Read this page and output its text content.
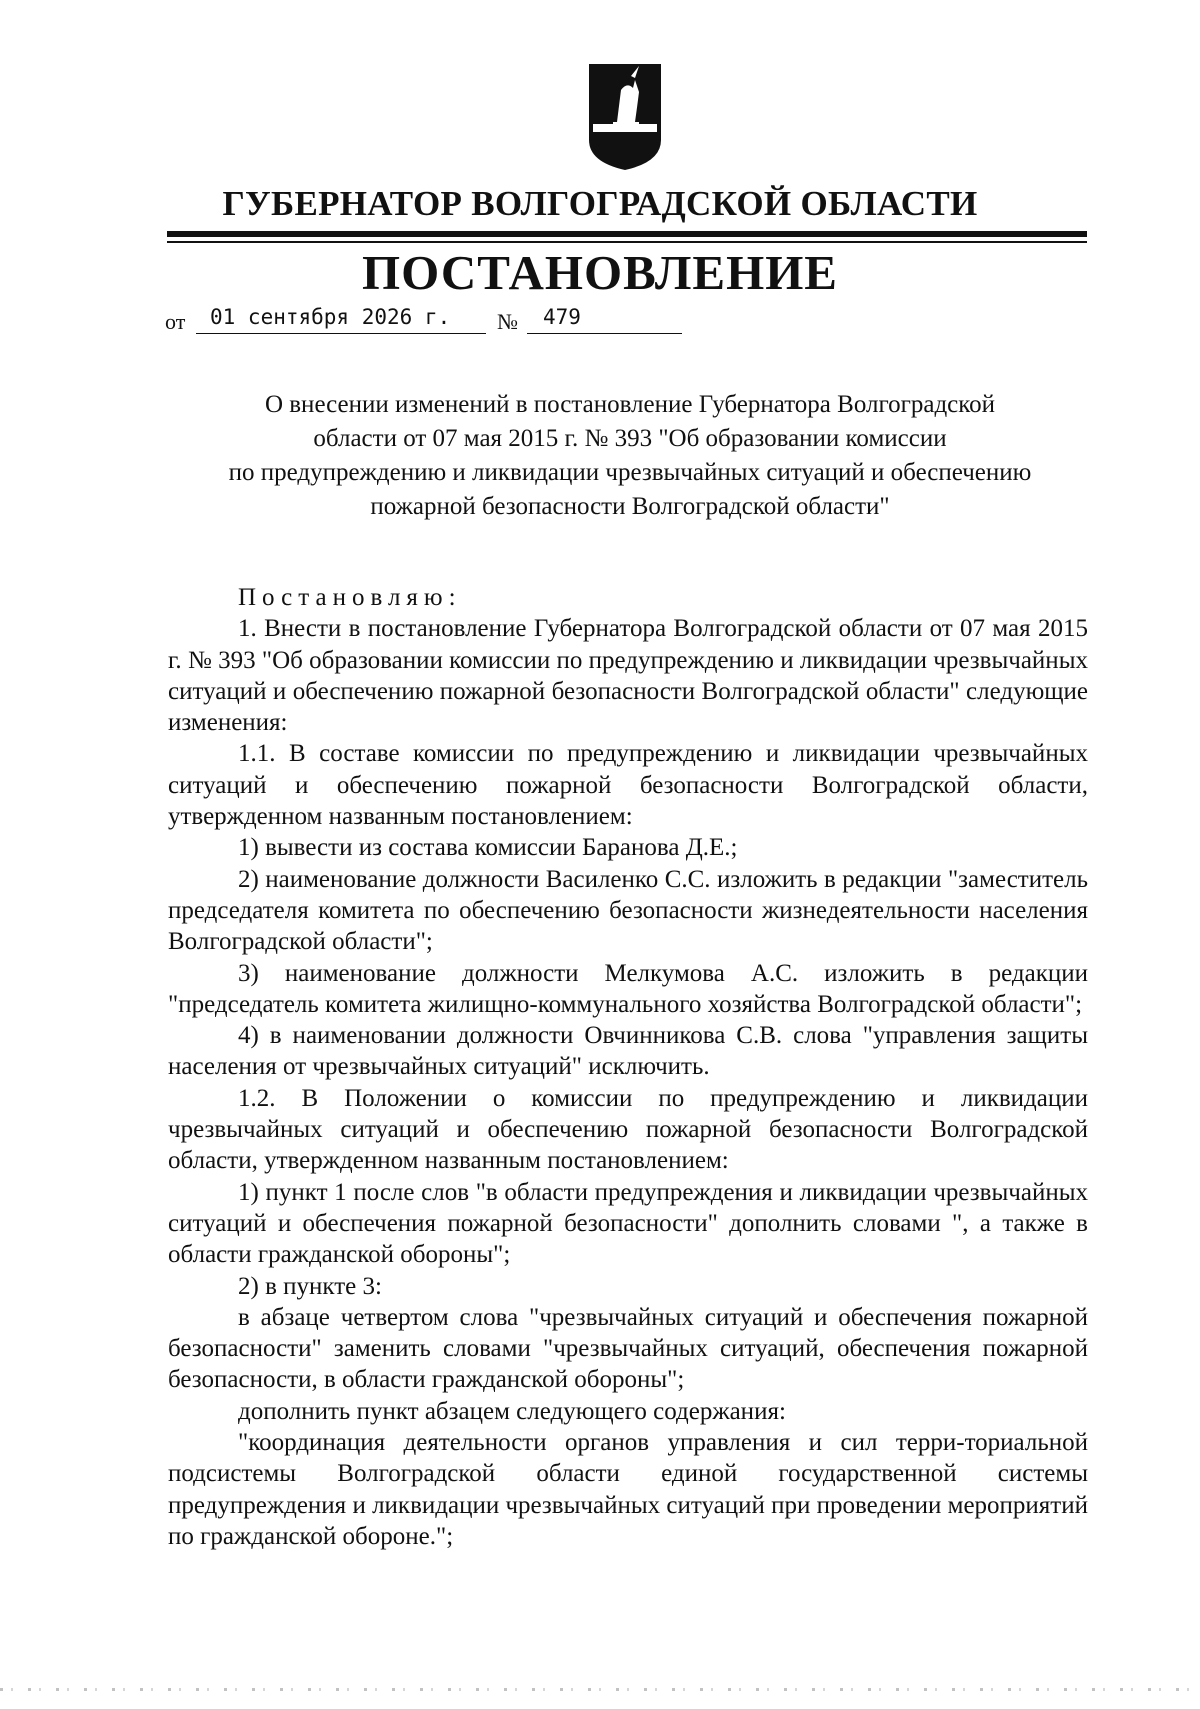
ГУБЕРНАТОР ВОЛГОГРАДСКОЙ ОБЛАСТИ
ПОСТАНОВЛЕНИЕ
от 01 сентября 2026 г. № 479
О внесении изменений в постановление Губернатора Волгоградской
области от 07 мая 2015 г. № 393 "Об образовании комиссии
по предупреждению и ликвидации чрезвычайных ситуаций и обеспечению
пожарной безопасности Волгоградской области"

Постановляю:

1. Внести в постановление Губернатора Волгоградской области от 07 мая 2015 г. № 393 "Об образовании комиссии по предупреждению и ликвидации чрезвычайных ситуаций и обеспечению пожарной безопасности Волгоградской области" следующие изменения:

1.1. В составе комиссии по предупреждению и ликвидации чрезвычайных ситуаций и обеспечению пожарной безопасности Волгоградской области, утвержденном названным постановлением:

1) вывести из состава комиссии Баранова Д.Е.;

2) наименование должности Василенко С.С. изложить в редакции "заместитель председателя комитета по обеспечению безопасности жизнедеятельности населения Волгоградской области";

3) наименование должности Мелкумова А.С. изложить в редакции "председатель комитета жилищно-коммунального хозяйства Волгоградской области";

4) в наименовании должности Овчинникова С.В. слова "управления защиты населения от чрезвычайных ситуаций" исключить.

1.2. В Положении о комиссии по предупреждению и ликвидации чрезвычайных ситуаций и обеспечению пожарной безопасности Волгоградской области, утвержденном названным постановлением:

1) пункт 1 после слов "в области предупреждения и ликвидации чрезвычайных ситуаций и обеспечения пожарной безопасности" дополнить словами ", а также в области гражданской обороны";

2) в пункте 3:

в абзаце четвертом слова "чрезвычайных ситуаций и обеспечения пожарной безопасности" заменить словами "чрезвычайных ситуаций, обеспечения пожарной безопасности, в области гражданской обороны";

дополнить пункт абзацем следующего содержания:

"координация деятельности органов управления и сил терри-ториальной подсистемы Волгоградской области единой государственной системы предупреждения и ликвидации чрезвычайных ситуаций при проведении мероприятий по гражданской обороне.";
